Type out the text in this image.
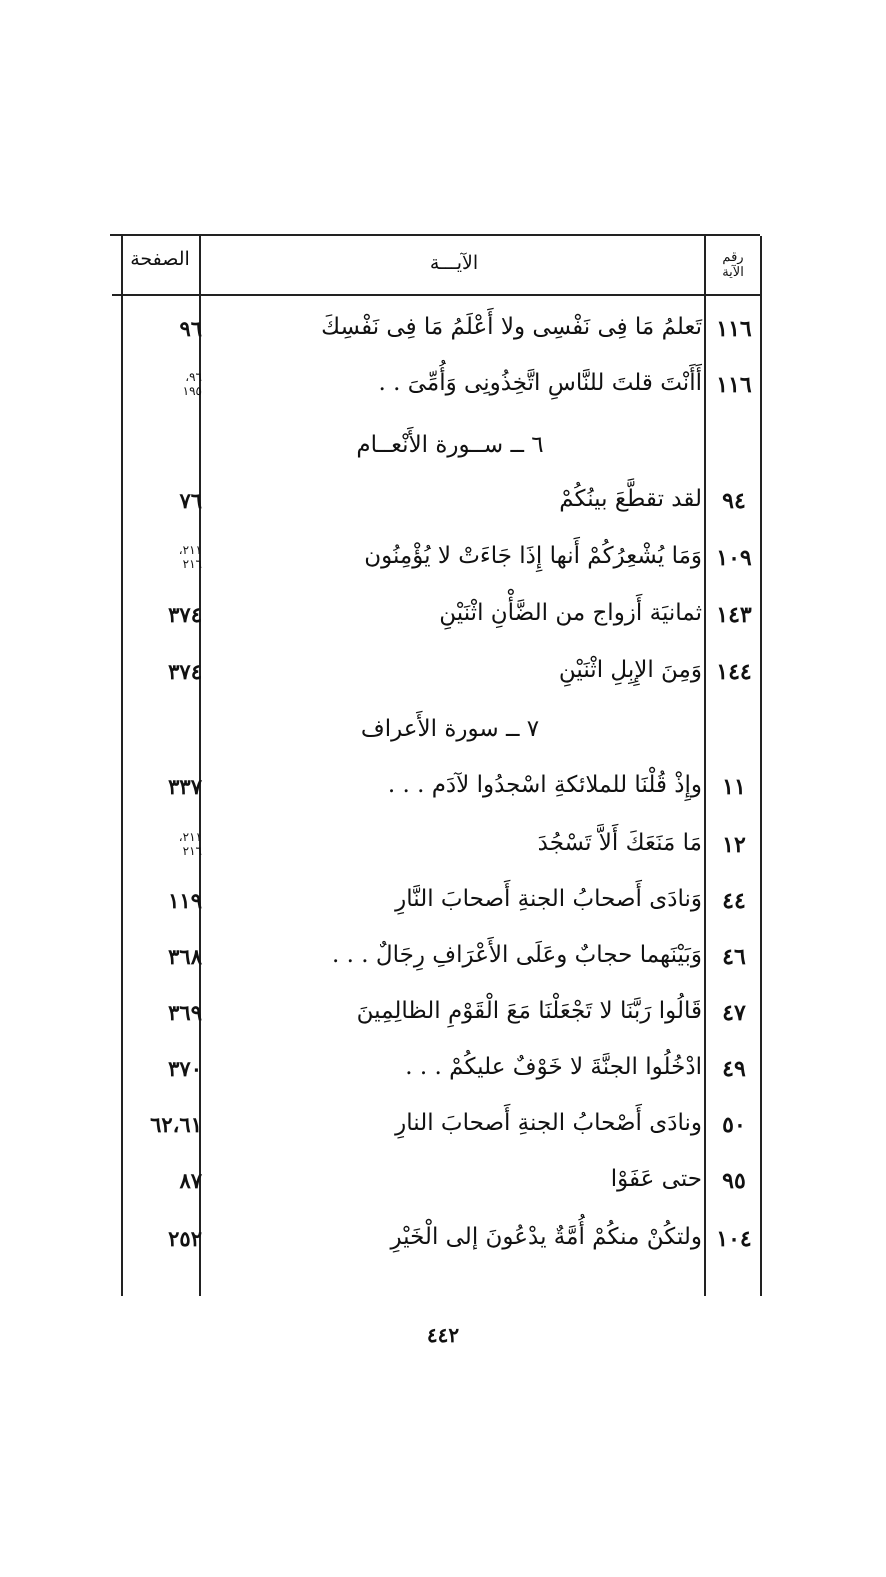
الصفحة	الآيـــة	رقم
الآية
١١٦
تَعلمُ مَا فِى نَفْسِى ولا أَعْلَمُ مَا فِى نَفْسِكَ
٩٦
١١٦
أَأَنْتَ قلتَ للنَّاسِ اتَّخِذُونِى وَأُمِّىَ . .
٩٦،
١٩٥
٦ ــ ســورة الأَنْعــام
٩٤
لقد تقطَّعَ بينُكُمْ
٧٦
١٠٩
وَمَا يُشْعِرُكُمْ أَنها إِذَا جَاءَتْ لا يُؤْمِنُون
٢١١،
٢١٦
١٤٣
ثمانيَة أَزواج من الضَّأْنِ اثْنَيْنِ
٣٧٤
١٤٤
وَمِنَ الإِبِلِ اثْنَيْنِ
٣٧٤
٧ ــ سورة الأَعراف
١١
وإِذْ قُلْنَا للملائكةِ اسْجدُوا لآدَم . . .
٣٣٧
١٢
مَا مَنَعَكَ أَلاَّ تَسْجُدَ
٢١١،
٢١٦
٤٤
وَنادَى أَصحابُ الجنةِ أَصحابَ النَّارِ
١١٩
٤٦
وَبَيْنَهما حجابٌ وعَلَى الأَعْرَافِ رِجَالٌ . . .
٣٦٨
٤٧
قَالُوا رَبَّنَا لا تَجْعَلْنَا مَعَ الْقَوْمِ الظالِمِينَ
٣٦٩
٤٩
ادْخُلُوا الجنَّةَ لا خَوْفٌ عليكُمْ . . .
٣٧٠
٥٠
ونادَى أَصْحابُ الجنةِ أَصحابَ النارِ
٦٢،٦١
٩٥
حتى عَفَوْا
٨٧
١٠٤
ولتكُنْ منكُمْ أُمَّةٌ يدْعُونَ إلى الْخَيْرِ
٢٥٢
٤٤٢
